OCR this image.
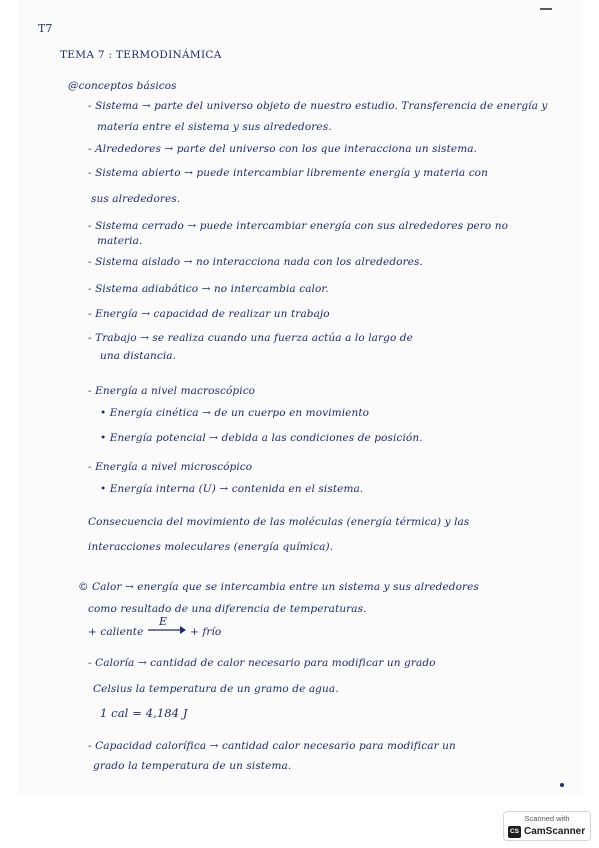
T7
TEMA 7 : TERMODINÁMICA
@conceptos básicos
- Sistema → parte del universo objeto de nuestro estudio. Transferencia de energía y
materia entre el sistema y sus alrededores.
- Alrededores → parte del universo con los que interacciona un sistema.
- Sistema abierto → puede intercambiar libremente energía y materia con
sus alrededores.
- Sistema cerrado → puede intercambiar energía con sus alrededores pero no
materia.
- Sistema aislado → no interacciona nada con los alrededores.
- Sistema adiabático → no intercambia calor.
- Energía → capacidad de realizar un trabajo
- Trabajo → se realiza cuando una fuerza actúa a lo largo de
una distancia.
- Energía a nivel macroscópico
• Energía cinética → de un cuerpo en movimiento
• Energía potencial → debida a las condiciones de posición.
- Energía a nivel microscópico
• Energía interna (U) → contenida en el sistema.
Consecuencia del movimiento de las moléculas (energía térmica) y las
interacciones moleculares (energía química).
© Calor → energía que se intercambia entre un sistema y sus alrededores
como resultado de una diferencia de temperaturas.
+ caliente
E
+ frío
- Caloría → cantidad de calor necesario para modificar un grado
Celsius la temperatura de un gramo de agua.
1 cal = 4,184 J
- Capacidad calorífica → cantidad calor necesario para modificar un
grado la temperatura de un sistema.
Scanned with
CS CamScanner
